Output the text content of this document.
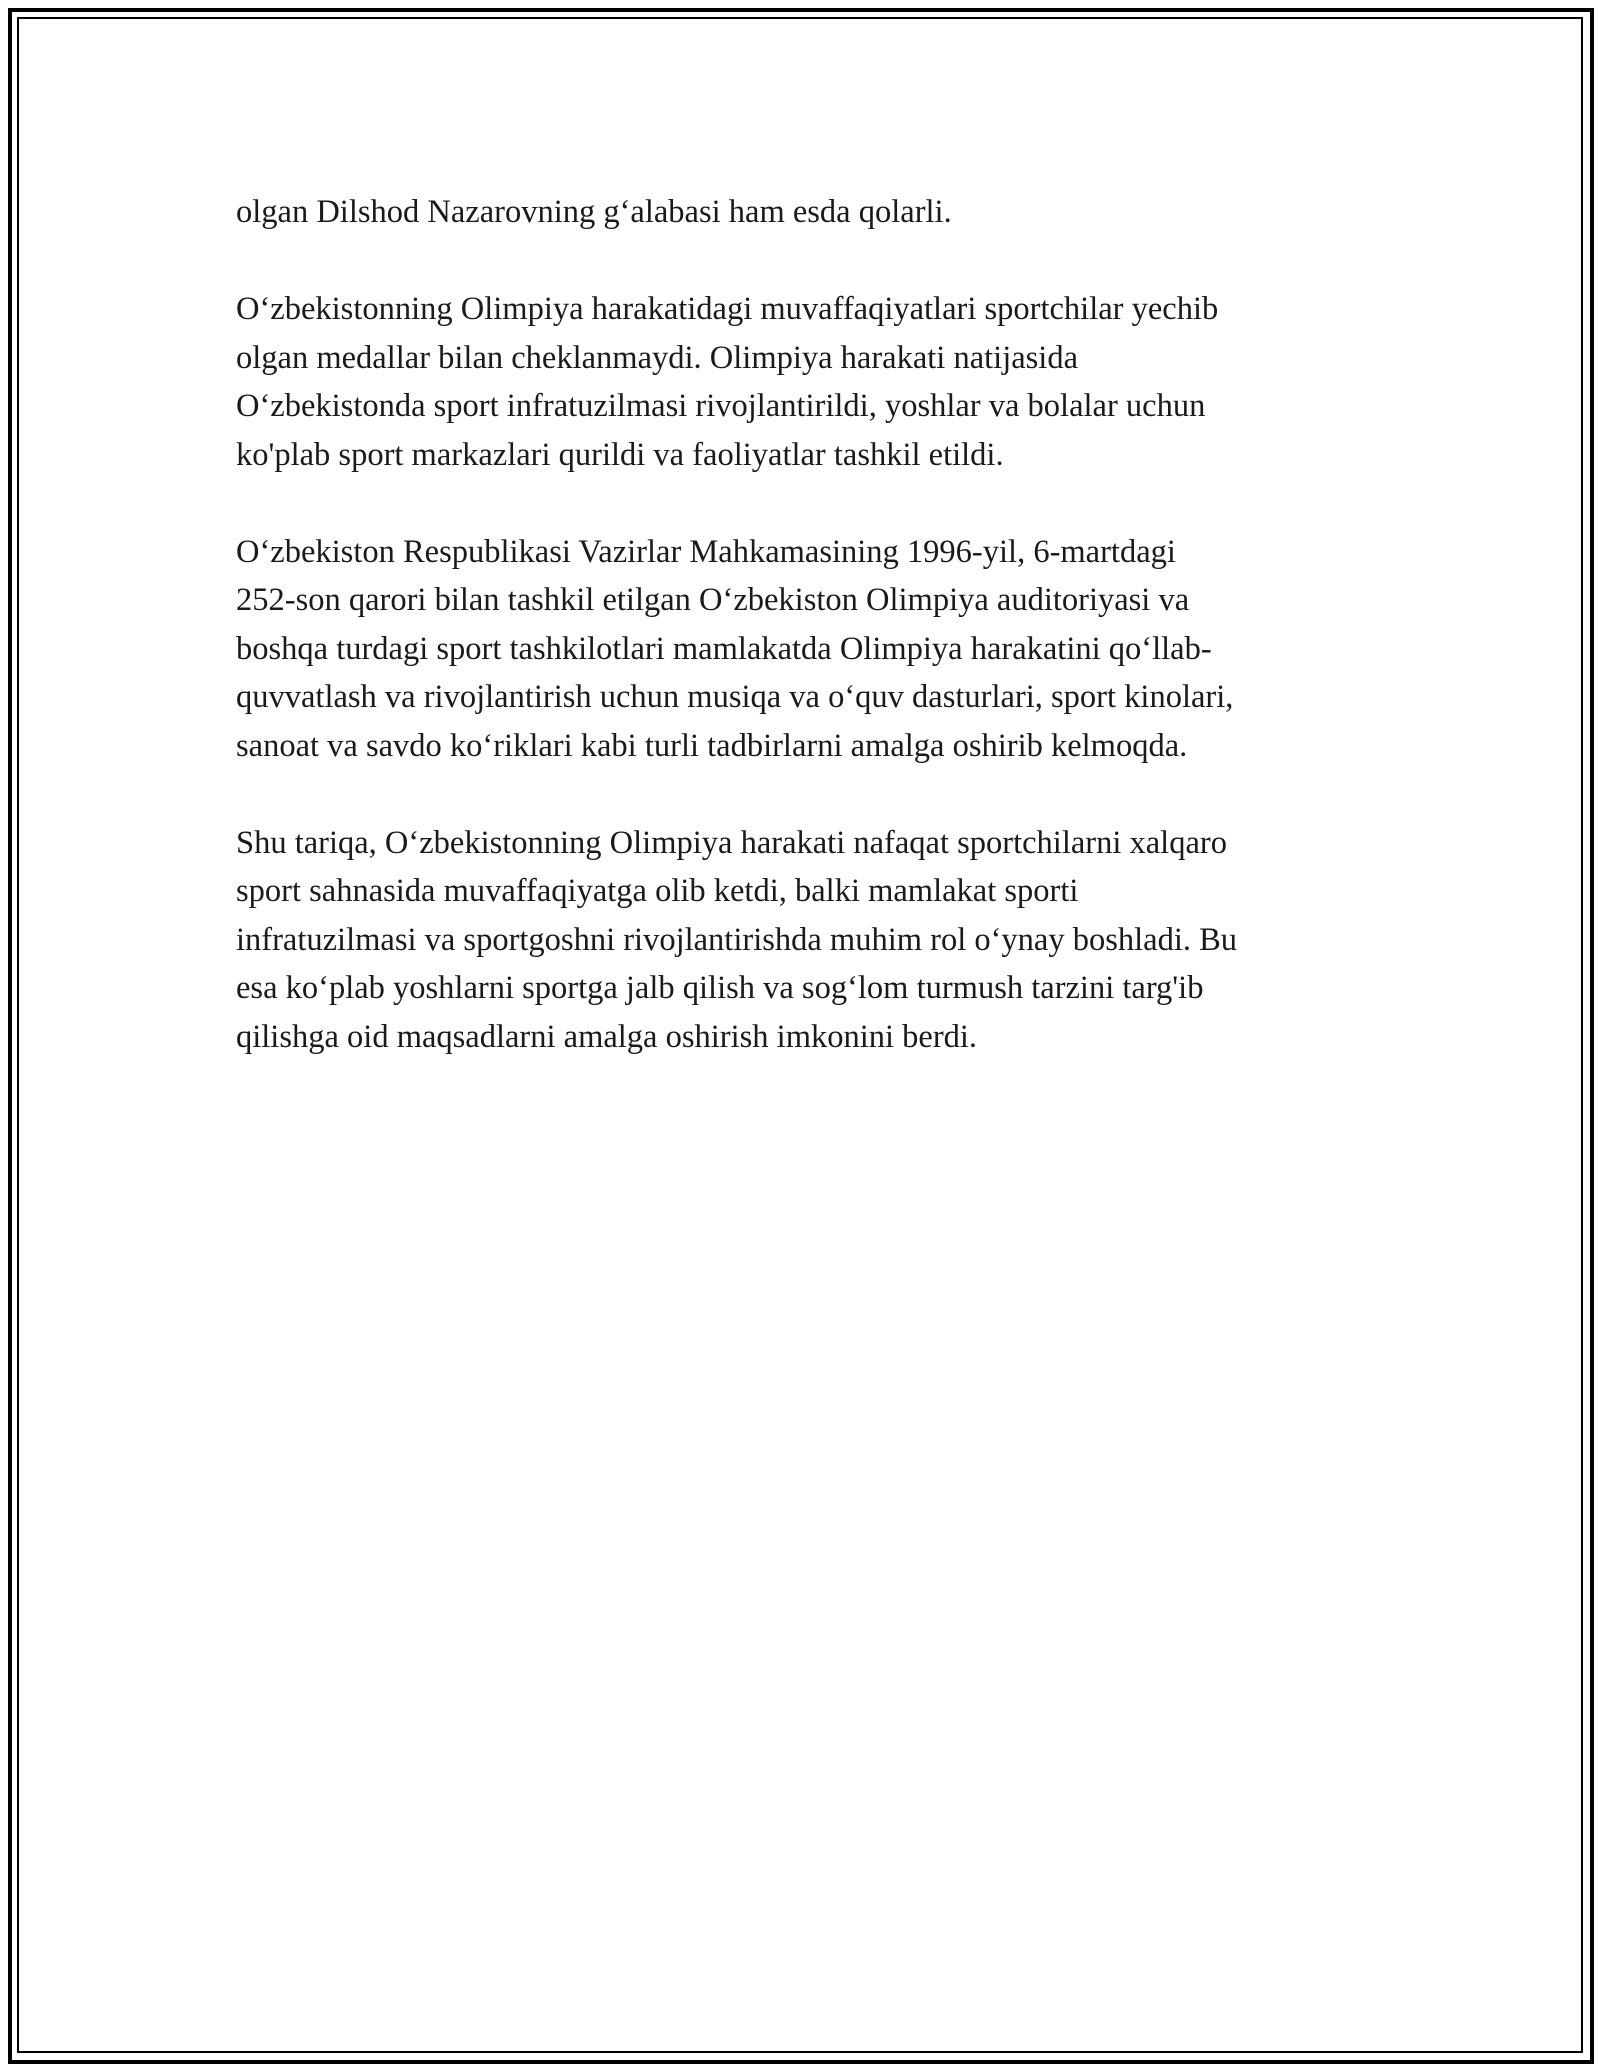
olgan Dilshod Nazarovning g‘alabasi ham esda qolarli.

O‘zbekistonning Olimpiya harakatidagi muvaffaqiyatlari sportchilar yechib
olgan medallar bilan cheklanmaydi. Olimpiya harakati natijasida
O‘zbekistonda sport infratuzilmasi rivojlantirildi, yoshlar va bolalar uchun
ko'plab sport markazlari qurildi va faoliyatlar tashkil etildi.

O‘zbekiston Respublikasi Vazirlar Mahkamasining 1996-yil, 6-martdagi
252-son qarori bilan tashkil etilgan O‘zbekiston Olimpiya auditoriyasi va
boshqa turdagi sport tashkilotlari mamlakatda Olimpiya harakatini qo‘llab-
quvvatlash va rivojlantirish uchun musiqa va o‘quv dasturlari, sport kinolari,
sanoat va savdo ko‘riklari kabi turli tadbirlarni amalga oshirib kelmoqda.

Shu tariqa, O‘zbekistonning Olimpiya harakati nafaqat sportchilarni xalqaro
sport sahnasida muvaffaqiyatga olib ketdi, balki mamlakat sporti
infratuzilmasi va sportgoshni rivojlantirishda muhim rol o‘ynay boshladi. Bu
esa ko‘plab yoshlarni sportga jalb qilish va sog‘lom turmush tarzini targ'ib
qilishga oid maqsadlarni amalga oshirish imkonini berdi.
